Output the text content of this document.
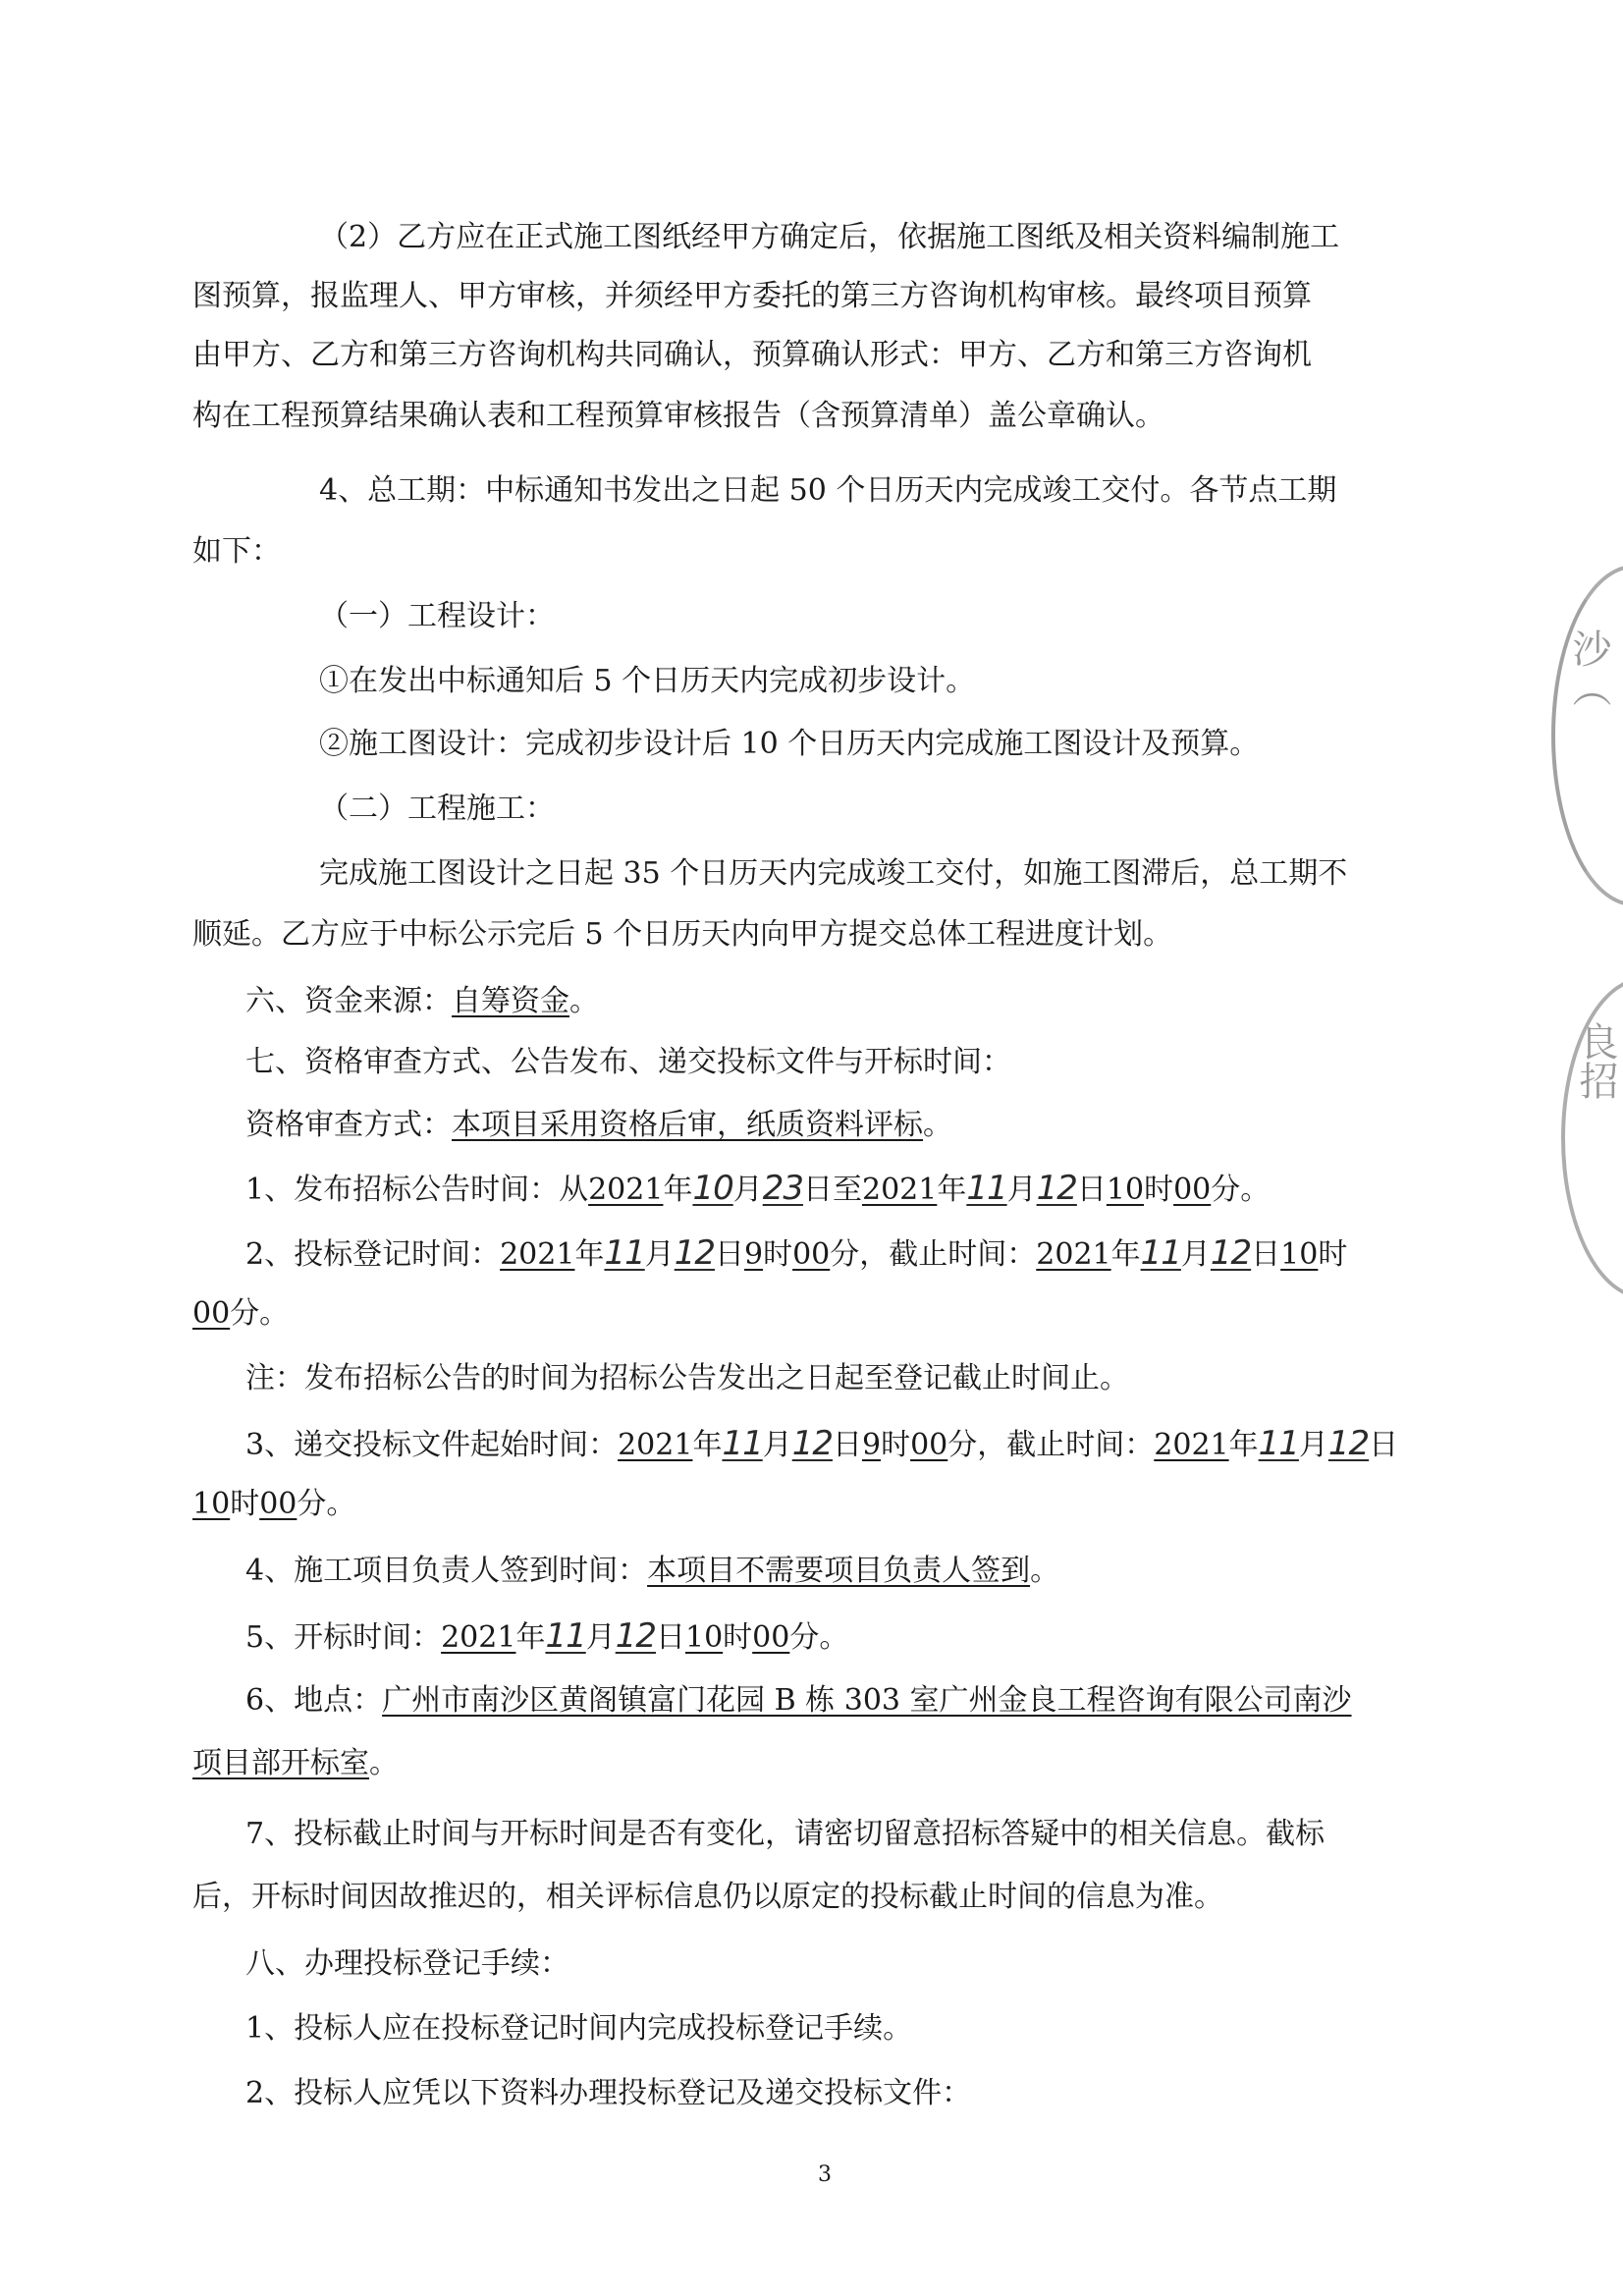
（2）乙方应在正式施工图纸经甲方确定后，依据施工图纸及相关资料编制施工
图预算，报监理人、甲方审核，并须经甲方委托的第三方咨询机构审核。最终项目预算
由甲方、乙方和第三方咨询机构共同确认，预算确认形式：甲方、乙方和第三方咨询机
构在工程预算结果确认表和工程预算审核报告（含预算清单）盖公章确认。
4、总工期：中标通知书发出之日起 50 个日历天内完成竣工交付。各节点工期
如下：
（一）工程设计：
①在发出中标通知后 5 个日历天内完成初步设计。
②施工图设计：完成初步设计后 10 个日历天内完成施工图设计及预算。
（二）工程施工：
完成施工图设计之日起 35 个日历天内完成竣工交付，如施工图滞后，总工期不
顺延。乙方应于中标公示完后 5 个日历天内向甲方提交总体工程进度计划。
六、资金来源：自筹资金。
七、资格审查方式、公告发布、递交投标文件与开标时间：
资格审查方式：本项目采用资格后审，纸质资料评标。
1、发布招标公告时间：从2021年10月23日至2021年11月12日10时00分。
2、投标登记时间：2021年11月12日9时00分，截止时间：2021年11月12日10时
00分。
注：发布招标公告的时间为招标公告发出之日起至登记截止时间止。
3、递交投标文件起始时间：2021年11月12日9时00分，截止时间：2021年11月12日
10时00分。
4、施工项目负责人签到时间：本项目不需要项目负责人签到。
5、开标时间：2021年11月12日10时00分。
6、地点：广州市南沙区黄阁镇富门花园 B 栋 303 室广州金良工程咨询有限公司南沙
项目部开标室。
7、投标截止时间与开标时间是否有变化，请密切留意招标答疑中的相关信息。截标
后，开标时间因故推迟的，相关评标信息仍以原定的投标截止时间的信息为准。
八、办理投标登记手续：
1、投标人应在投标登记时间内完成投标登记手续。
2、投标人应凭以下资料办理投标登记及递交投标文件：
3
沙（
良招
